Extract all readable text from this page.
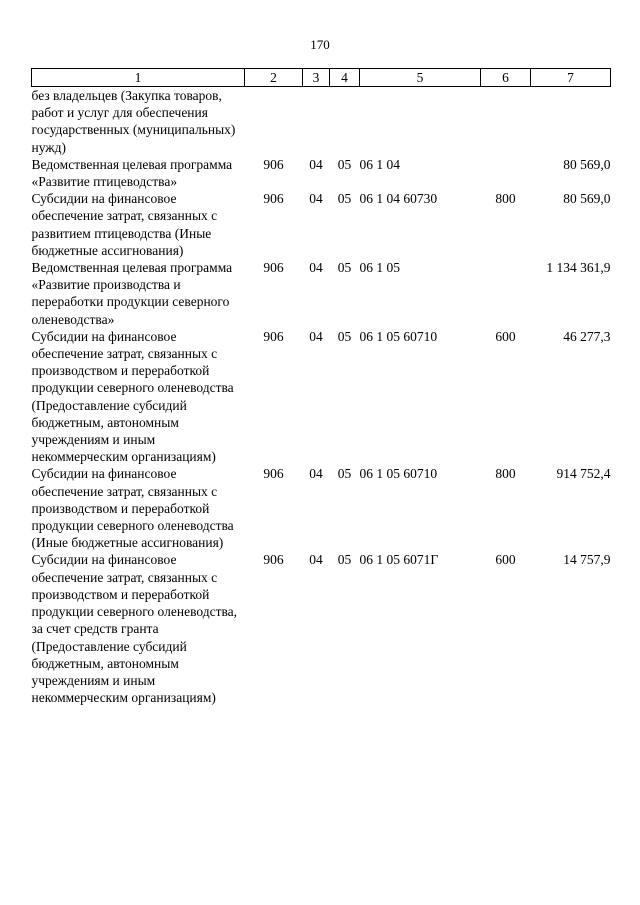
170
1	2	3	4	5	6	7
без владельцев (Закупка товаров, работ и услуг для обеспечения государственных (муниципальных) нужд)						
Ведомственная целевая программа «Развитие птицеводства»	906	04	05	06 1 04		80 569,0
Субсидии на финансовое обеспечение затрат, связанных с развитием птицеводства (Иные бюджетные ассигнования)	906	04	05	06 1 04 60730	800	80 569,0
Ведомственная целевая программа «Развитие производства и переработки продукции северного оленеводства»	906	04	05	06 1 05		1 134 361,9
Субсидии на финансовое обеспечение затрат, связанных с производством и переработкой продукции северного оленеводства (Предоставление субсидий бюджетным, автономным учреждениям и иным некоммерческим организациям)	906	04	05	06 1 05 60710	600	46 277,3
Субсидии на финансовое обеспечение затрат, связанных с производством и переработкой продукции северного оленеводства (Иные бюджетные ассигнования)	906	04	05	06 1 05 60710	800	914 752,4
Субсидии на финансовое обеспечение затрат, связанных с производством и переработкой продукции северного оленеводства, за счет средств гранта (Предоставление субсидий бюджетным, автономным учреждениям и иным некоммерческим организациям)	906	04	05	06 1 05 6071Г	600	14 757,9
